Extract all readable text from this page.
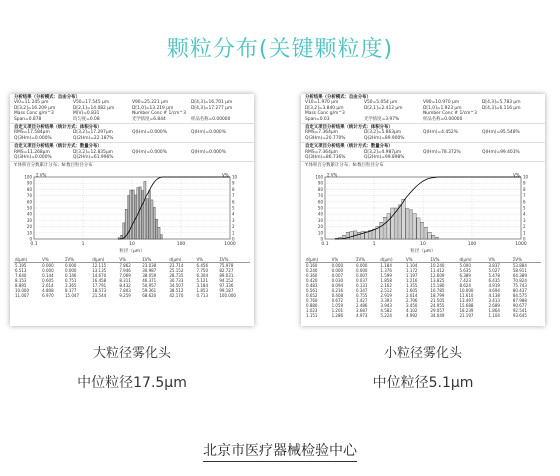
颗粒分布(关键颗粒度)
分析结果（分析模式：自由分布）
Vi0=11.245 μm	V50=17.545 μm	V90=25.221 μm	D[4,3]=16.701 μm
D[3,2]=16.209 μm	D[2,1]=14.082 μm	D[1,0]=13.219 μm	D[4,3]=17.277 μm
Mass Conc g/m^3	M(V)=0.831	Number Conc # 1/cm^3
Span=0.878	均匀度=0.08	光学浓度=6.844	样品名称=0.00000
自定义项目分析结果（统计方式：体积分布）
RMS=17.584μm	D[3,2]=17.297μm	Q(Hm)=0.000%	Q(Hm)=0.000%
Q(3Hm)=0.000%	Q(2Hm)=22.187%
自定义项目分析结果（统计方式：数量分布）
RMS=11.268μm	D[3,2]=12.835μm	Q(Hm)=0.000%	Q(Hm)=0.000%
Q(3Hm)=0.000%	Q(2Hm)=61.996%
Y:体积百分数累计分布；N:数目粒径分布
100
90
80
70
60
50
40
30
20
10
0
10
9
8
7
6
5
4
3
2
1
0
0.1	1	10	100	1000
粒径（μm）
Σ V%	V%
d(μm)	V%	ΣV%	d(μm)	V%	ΣV%	d(μm)	V%	ΣV%
5.195	0.000	0.000	12.115	7.862	23.038	23.714	6.456	75.978
6.513	0.000	0.000	13.135	7.946	30.987	25.152	7.750	82.727
7.640	0.144	0.146	14.670	7.069	38.059	28.735	6.304	89.031
8.153	0.605	0.751	16.458	8.311	46.371	30.733	5.121	94.152
8.895	2.614	3.365	17.791	8.432	50.957	34.507	3.184	97.336
10.000	4.808	8.177	18.573	7.803	59.361	38.512	1.853	99.187
11.007	6.970	15.047	21.544	9.259	68.620	42.170	0.713	100.000
分析结果（分析模式：自由分布）
V10=1.970 μm	V50=5.054 μm	V90=10.970 μm	D[4,3]=5.783 μm
D[3,2]=3.840 μm	D[2,1]=2.412 μm	D[1,0]=1.923 μm	D[4,3]=6.116 μm
Mass Conc g/m^3	Number Conc # 1/cm^3
Span=0.03	光学浓度=3.97%	样品名称=0.00000
自定义项目分析结果（统计方式：体积分布）
RMS=7.364μm	D[3,2]=5.863μm	Q(Hm)=4.452%	Q(Hm)=95.548%
Q(3Hm)=20.770%	Q(2Hm)=89.900%
自定义项目分析结果（统计方式：数量分布）
RMS=7.364μm	D[3,2]=4.987μm	Q(Hm)=78.372%	Q(Hm)=99.403%
Q(3Hm)=86.736%	Q(2Hm)=99.898%
Y:体积百分数累计分布；N:数目粒径分布
100
90
80
70
60
50
40
30
20
10
0
10
9
8
7
6
5
4
3
2
1
0
0.1	1	10	100	1000
粒径（μm）
Σ V%	V%
d(μm)	V%	ΣV%	d(μm)	V%	ΣV%	d(μm)	V%	ΣV%
0.160	0.000	0.000	1.184	1.104	10.240	5.000	3.837	53.884
0.240	0.000	0.000	1.376	1.172	11.412	5.635	5.027	58.911
0.360	0.007	0.007	1.599	1.197	12.609	6.389	5.478	64.389
0.420	0.030	0.037	1.858	1.216	13.825	7.423	6.435	70.824
0.483	0.094	0.131	2.162	1.355	15.180	8.624	4.919	75.743
0.561	0.216	0.347	2.512	1.605	16.785	10.000	4.694	80.437
0.652	0.408	0.755	2.919	2.014	18.799	11.610	4.138	84.575
0.760	0.672	1.427	3.393	2.706	21.505	13.497	3.413	87.988
0.880	1.059	2.486	3.943	3.450	24.955	15.688	2.689	90.677
1.023	1.201	3.687	4.582	4.102	29.057	18.239	1.864	92.541
1.151	1.286	4.973	5.224	4.992	34.049	21.197	1.104	93.645
大粒径雾化头
中位粒径17.5μm
小粒径雾化头
中位粒径5.1μm
北京市医疗器械检验中心
